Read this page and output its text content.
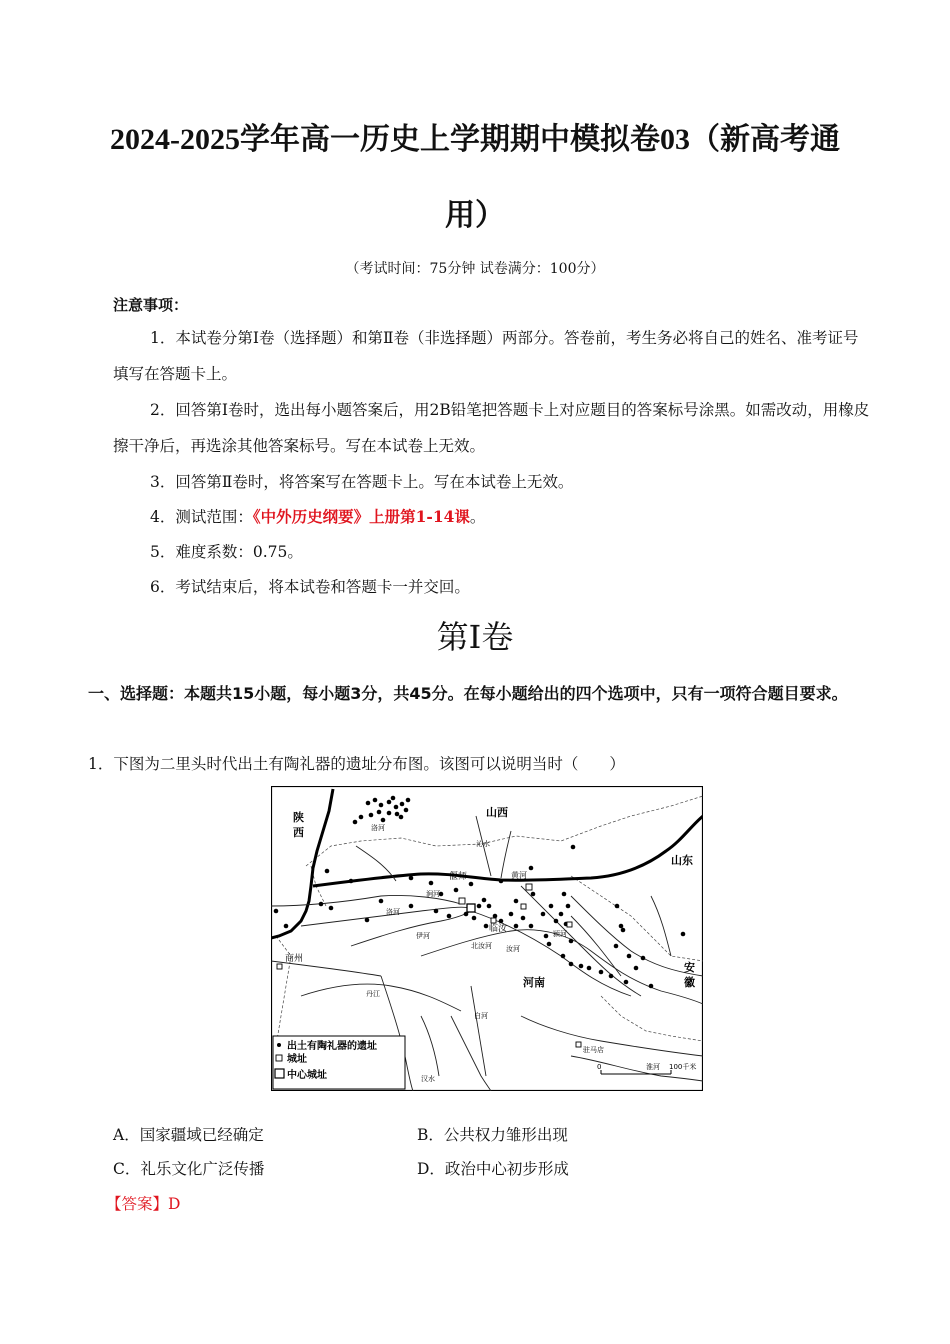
2024-2025学年高一历史上学期期中模拟卷03（新高考通
用）
（考试时间：75分钟 试卷满分：100分）
注意事项：

1．本试卷分第Ⅰ卷（选择题）和第Ⅱ卷（非选择题）两部分。答卷前，考生务必将自己的姓名、准考证号填写在答题卡上。

2．回答第Ⅰ卷时，选出每小题答案后，用2B铅笔把答题卡上对应题目的答案标号涂黑。如需改动，用橡皮擦干净后，再选涂其他答案标号。写在本试卷上无效。

3．回答第Ⅱ卷时，将答案写在答题卡上。写在本试卷上无效。

4．测试范围：《中外历史纲要》上册第1-14课。

5．难度系数：0.75。

6．考试结束后，将本试卷和答题卡一并交回。

第Ⅰ卷

一、选择题：本题共15小题，每小题3分，共45分。在每小题给出的四个选项中，只有一项符合题目要求。

1．下图为二里头时代出土有陶礼器的遗址分布图。该图可以说明当时（　　）

陕
西
山西
山东
河南
安
徽
偃师
临汝
商州
驻马店
黄河
沁水
洛河
涧河
洛河
伊河	颍河
汝河
北汝河
丹江
白河
汉水
淮河
0	100千米
出土有陶礼器的遗址
城址
中心城址
A．国家疆域已经确定	B．公共权力雏形出现
C．礼乐文化广泛传播	D．政治中心初步形成
【答案】D
